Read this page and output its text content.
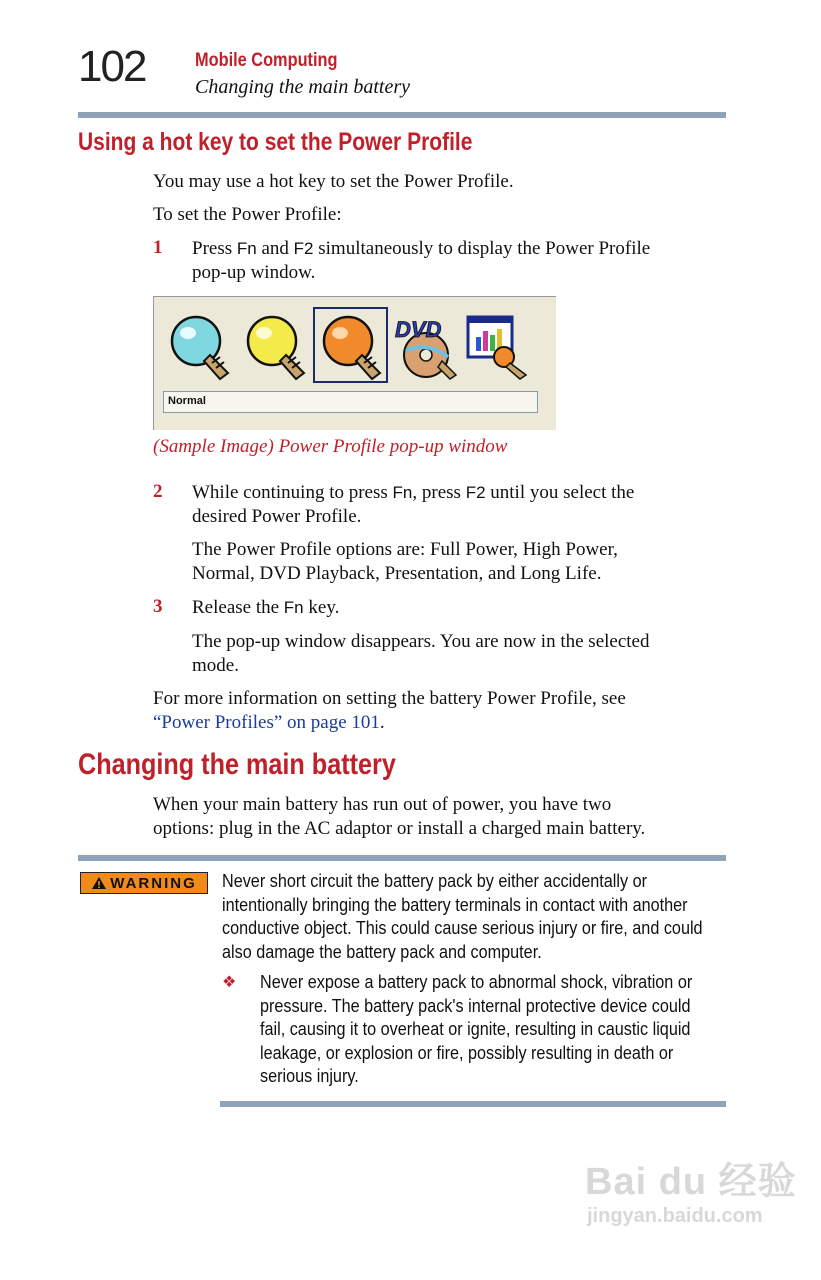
102	Mobile Computing
Changing the main battery
Using a hot key to set the Power Profile
You may use a hot key to set the Power Profile.
To set the Power Profile:
1 Press Fn and F2 simultaneously to display the Power Profile
pop-up window.
DVD
Normal
(Sample Image) Power Profile pop-up window
2 While continuing to press Fn, press F2 until you select the
desired Power Profile.
The Power Profile options are: Full Power, High Power,
Normal, DVD Playback, Presentation, and Long Life.
3 Release the Fn key.
The pop-up window disappears. You are now in the selected
mode.
For more information on setting the battery Power Profile, see
“Power Profiles” on page 101.
Changing the main battery
When your main battery has run out of power, you have two
options: plug in the AC adaptor or install a charged main battery.
WARNING Never short circuit the battery pack by either accidentally or
intentionally bringing the battery terminals in contact with another
conductive object. This could cause serious injury or fire, and could
also damage the battery pack and computer.
❖ Never expose a battery pack to abnormal shock, vibration or
pressure. The battery pack's internal protective device could
fail, causing it to overheat or ignite, resulting in caustic liquid
leakage, or explosion or fire, possibly resulting in death or
serious injury.
Bai du 经验
jingyan.baidu.com
